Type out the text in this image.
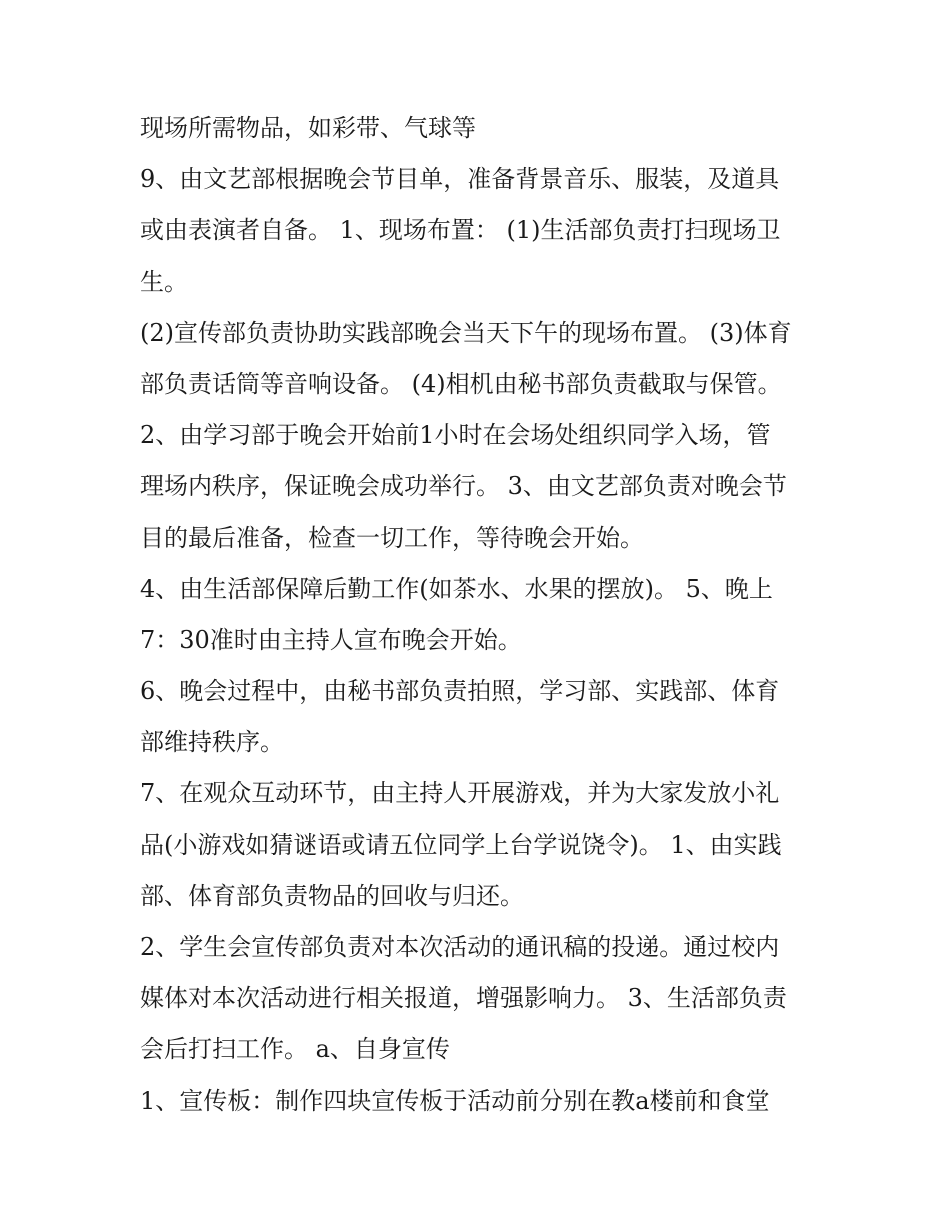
现场所需物品，如彩带、气球等
9、由文艺部根据晚会节目单，准备背景音乐、服装，及道具
或由表演者自备。 1、现场布置： (1)生活部负责打扫现场卫
生。
(2)宣传部负责协助实践部晚会当天下午的现场布置。 (3)体育
部负责话筒等音响设备。 (4)相机由秘书部负责截取与保管。
2、由学习部于晚会开始前1小时在会场处组织同学入场，管
理场内秩序，保证晚会成功举行。 3、由文艺部负责对晚会节
目的最后准备，检查一切工作，等待晚会开始。
4、由生活部保障后勤工作(如茶水、水果的摆放)。 5、晚上
7：30准时由主持人宣布晚会开始。
6、晚会过程中，由秘书部负责拍照，学习部、实践部、体育
部维持秩序。
7、在观众互动环节，由主持人开展游戏，并为大家发放小礼
品(小游戏如猜谜语或请五位同学上台学说饶令)。 1、由实践
部、体育部负责物品的回收与归还。
2、学生会宣传部负责对本次活动的通讯稿的投递。通过校内
媒体对本次活动进行相关报道，增强影响力。 3、生活部负责
会后打扫工作。 a、自身宣传
1、宣传板：制作四块宣传板于活动前分别在教a楼前和食堂
